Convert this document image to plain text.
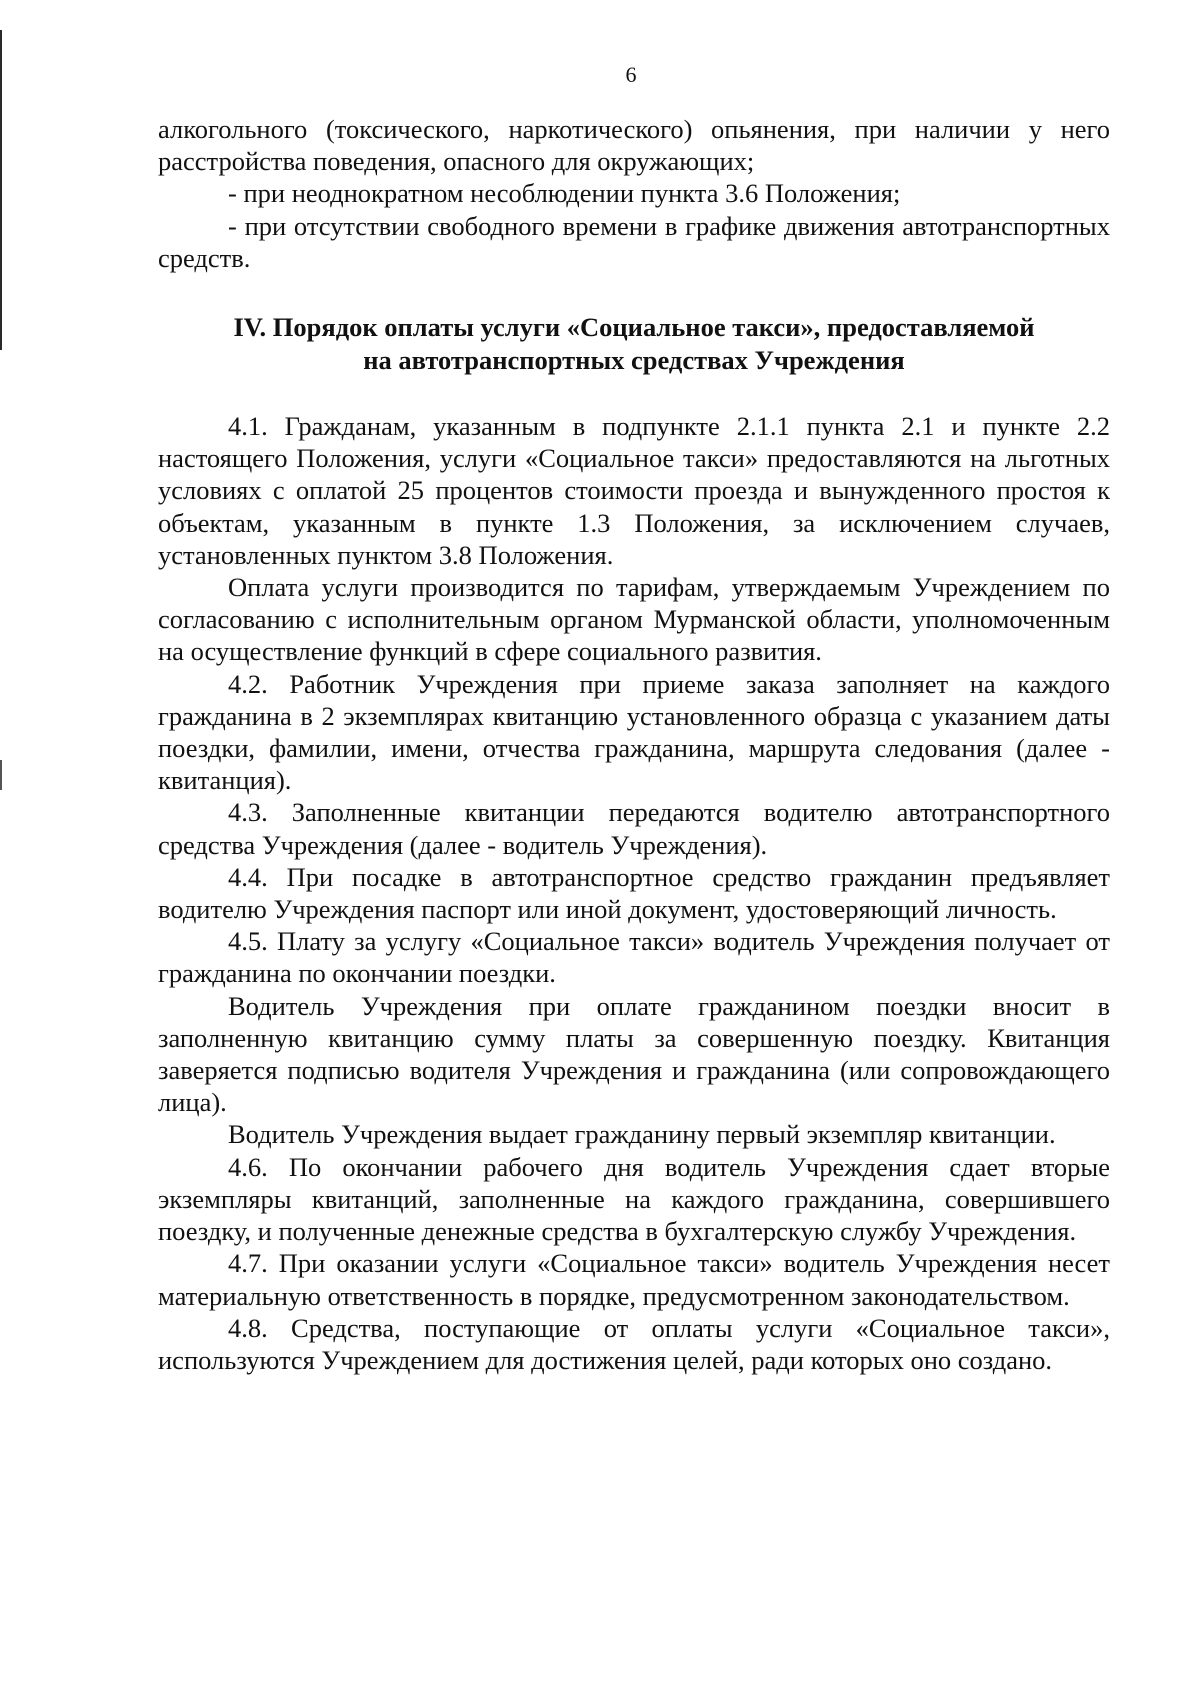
6

алкогольного (токсического, наркотического) опьянения, при наличии у него расстройства поведения, опасного для окружающих;

- при неоднократном несоблюдении пункта 3.6 Положения;

- при отсутствии свободного времени в графике движения автотранспортных средств.

IV. Порядок оплаты услуги «Социальное такси», предоставляемой
на автотранспортных средствах Учреждения

4.1. Гражданам, указанным в подпункте 2.1.1 пункта 2.1 и пункте 2.2 настоящего Положения, услуги «Социальное такси» предоставляются на льготных условиях с оплатой 25 процентов стоимости проезда и вынужденного простоя к объектам, указанным в пункте 1.3 Положения, за исключением случаев, установленных пунктом 3.8 Положения.

Оплата услуги производится по тарифам, утверждаемым Учреждением по согласованию с исполнительным органом Мурманской области, уполномоченным на осуществление функций в сфере социального развития.

4.2. Работник Учреждения при приеме заказа заполняет на каждого гражданина в 2 экземплярах квитанцию установленного образца с указанием даты поездки, фамилии, имени, отчества гражданина, маршрута следования (далее - квитанция).

4.3. Заполненные квитанции передаются водителю автотранспортного средства Учреждения (далее - водитель Учреждения).

4.4. При посадке в автотранспортное средство гражданин предъявляет водителю Учреждения паспорт или иной документ, удостоверяющий личность.

4.5. Плату за услугу «Социальное такси» водитель Учреждения получает от гражданина по окончании поездки.

Водитель Учреждения при оплате гражданином поездки вносит в заполненную квитанцию сумму платы за совершенную поездку. Квитанция заверяется подписью водителя Учреждения и гражданина (или сопровождающего лица).

Водитель Учреждения выдает гражданину первый экземпляр квитанции.

4.6. По окончании рабочего дня водитель Учреждения сдает вторые экземпляры квитанций, заполненные на каждого гражданина, совершившего поездку, и полученные денежные средства в бухгалтерскую службу Учреждения.

4.7. При оказании услуги «Социальное такси» водитель Учреждения несет материальную ответственность в порядке, предусмотренном законодательством.

4.8. Средства, поступающие от оплаты услуги «Социальное такси», используются Учреждением для достижения целей, ради которых оно создано.
